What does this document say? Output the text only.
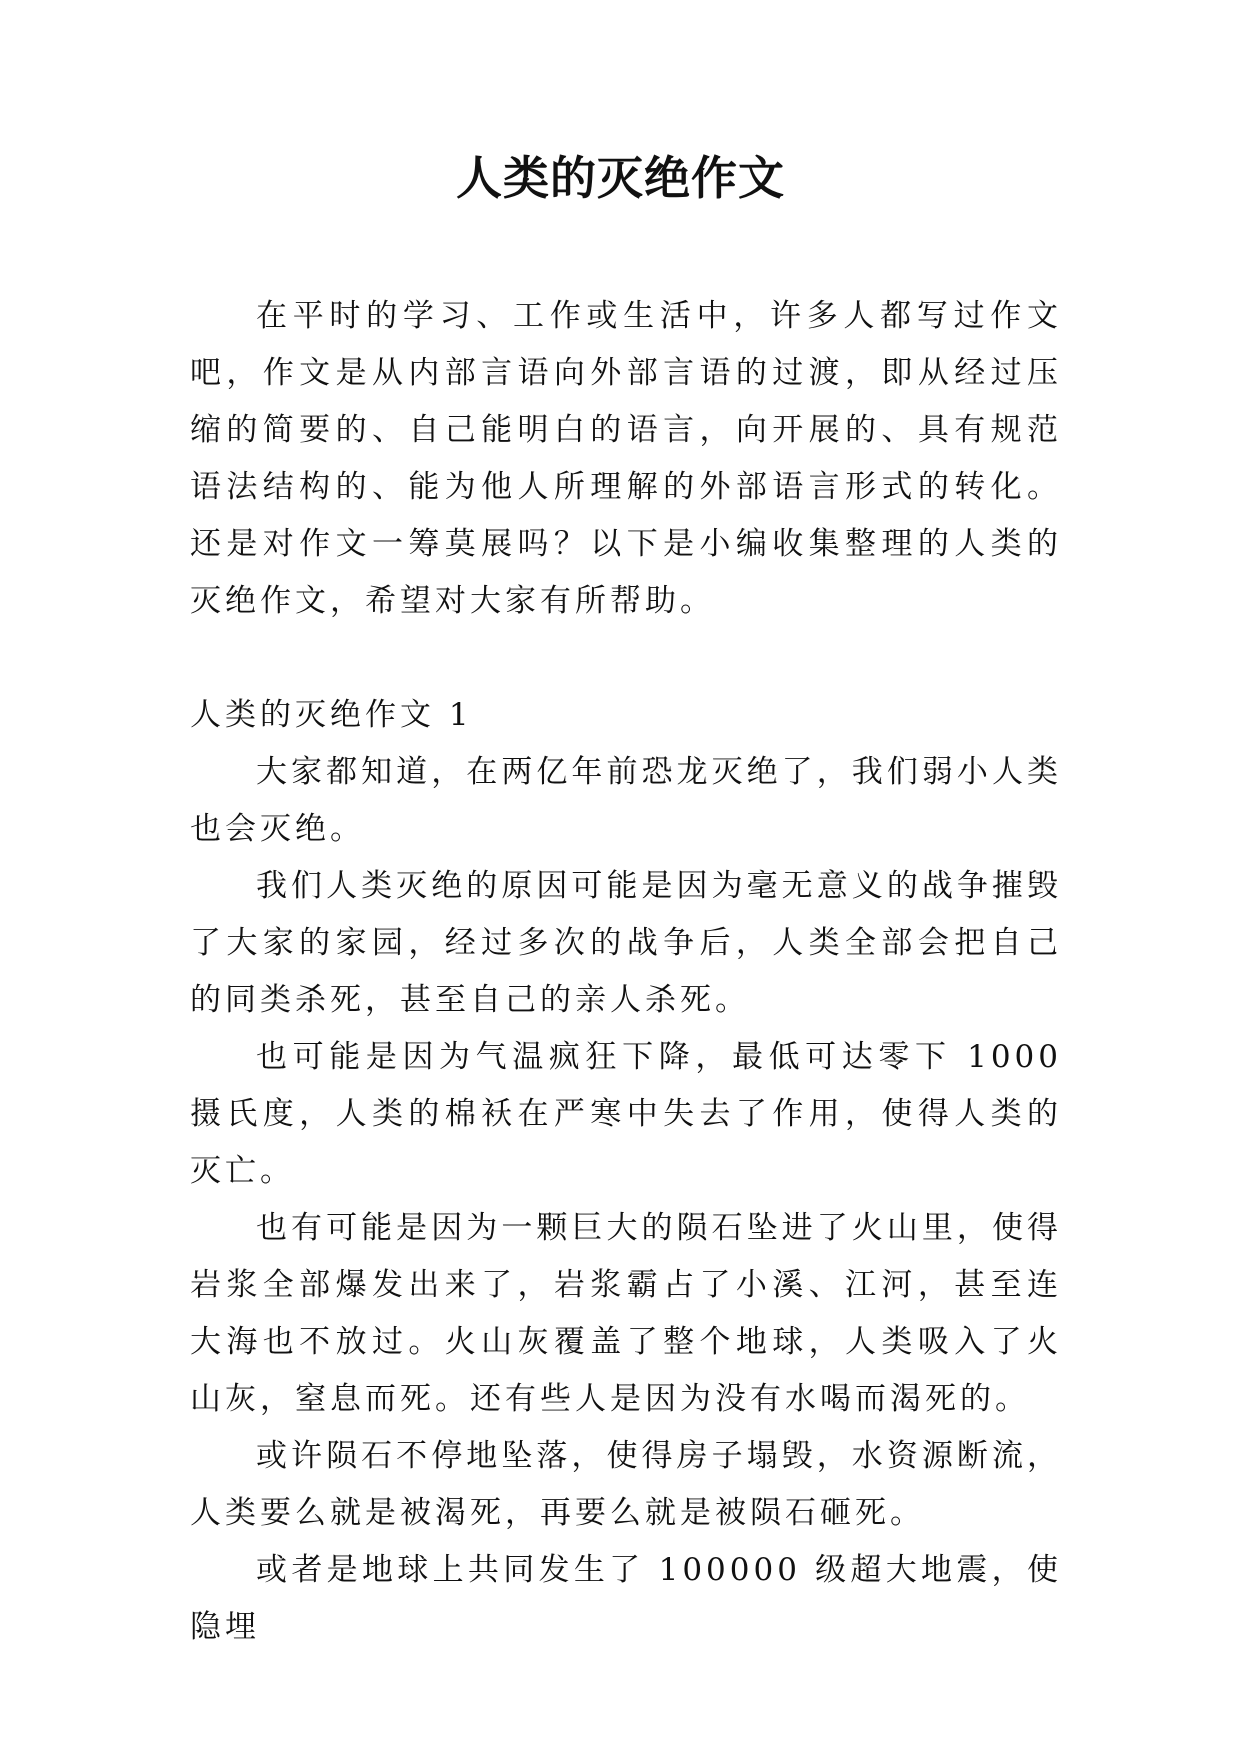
人类的灭绝作文

在平时的学习、工作或生活中，许多人都写过作文吧，作文是从内部言语向外部言语的过渡，即从经过压缩的简要的、自己能明白的语言，向开展的、具有规范语法结构的、能为他人所理解的外部语言形式的转化。还是对作文一筹莫展吗？以下是小编收集整理的人类的灭绝作文，希望对大家有所帮助。

人类的灭绝作文 1

大家都知道，在两亿年前恐龙灭绝了，我们弱小人类也会灭绝。

我们人类灭绝的原因可能是因为毫无意义的战争摧毁了大家的家园，经过多次的战争后，人类全部会把自己的同类杀死，甚至自己的亲人杀死。

也可能是因为气温疯狂下降，最低可达零下 1000 摄氏度，人类的棉袄在严寒中失去了作用，使得人类的灭亡。

也有可能是因为一颗巨大的陨石坠进了火山里，使得岩浆全部爆发出来了，岩浆霸占了小溪、江河，甚至连大海也不放过。火山灰覆盖了整个地球，人类吸入了火山灰，窒息而死。还有些人是因为没有水喝而渴死的。

或许陨石不停地坠落，使得房子塌毁，水资源断流，人类要么就是被渴死，再要么就是被陨石砸死。

或者是地球上共同发生了 100000 级超大地震，使隐埋
